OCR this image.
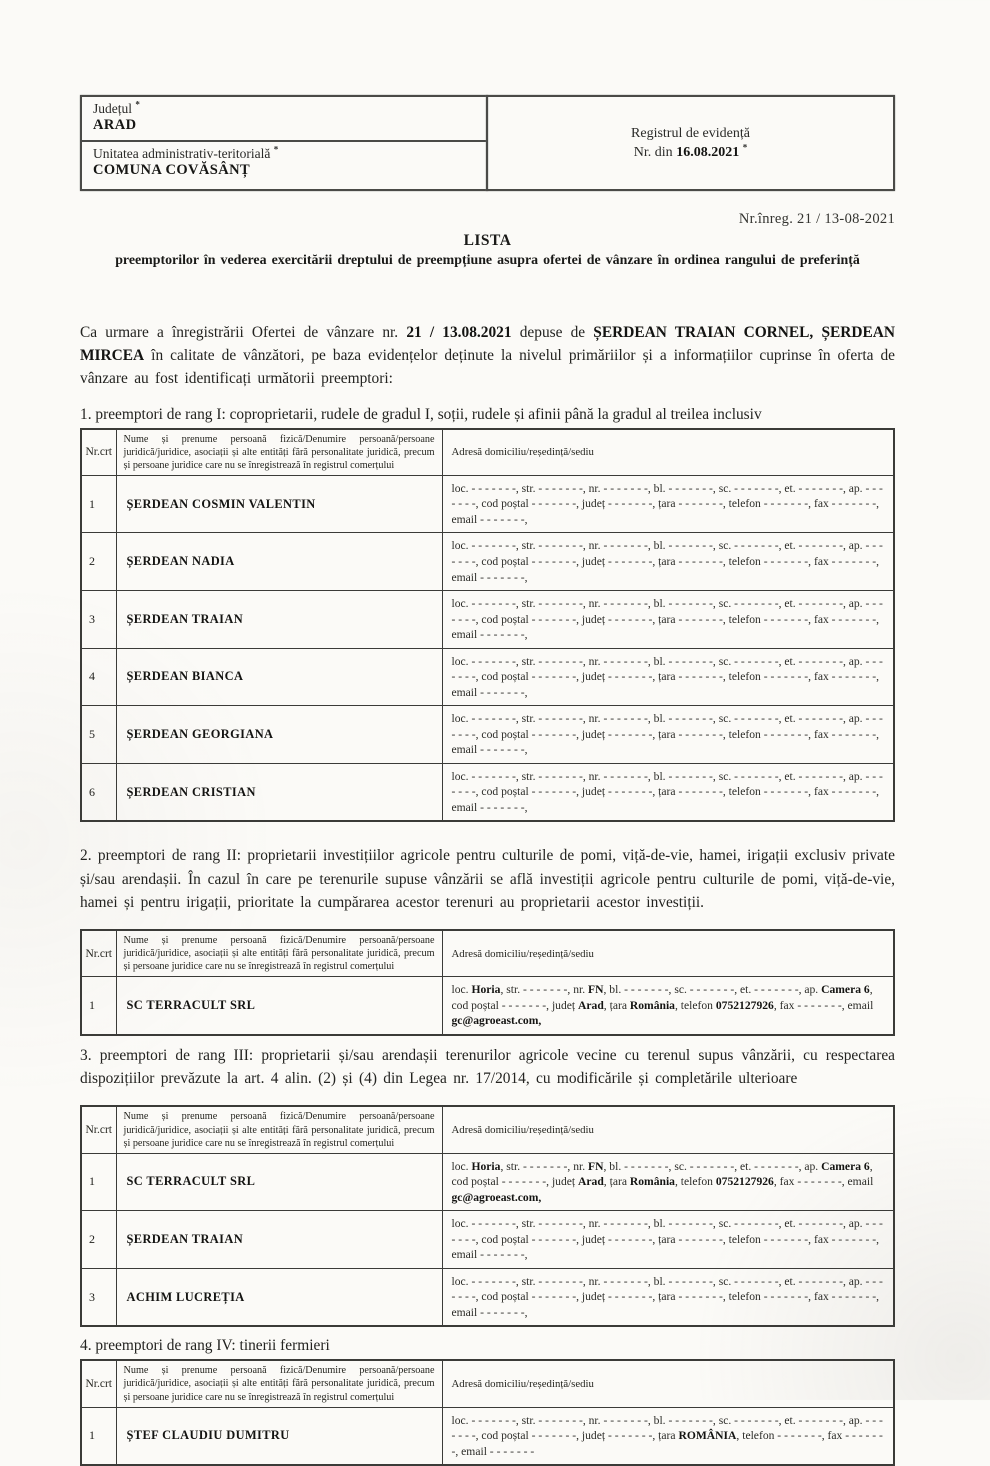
Județul *
ARAD
Unitatea administrativ-teritorială *
COMUNA COVĂSÂNȚ
Registrul de evidență
Nr. din 16.08.2021 *
Nr.înreg. 21 / 13-08-2021
LISTA
preemptorilor în vederea exercitării dreptului de preempțiune asupra ofertei de vânzare în ordinea rangului de preferință

Ca urmare a înregistrării Ofertei de vânzare nr. 21 / 13.08.2021 depuse de ȘERDEAN TRAIAN CORNEL, ȘERDEAN MIRCEA în calitate de vânzători, pe baza evidențelor deținute la nivelul primăriilor și a informațiilor cuprinse în oferta de vânzare au fost identificați următorii preemptori:

1. preemptori de rang I: coproprietarii, rudele de gradul I, soții, rudele și afinii până la gradul al treilea inclusiv
Nr.crt	Nume și prenume persoană fizică/Denumire persoană/persoane juridică/juridice, asociații și alte entități fără personalitate juridică, precum și persoane juridice care nu se înregistrează în registrul comerțului	Adresă domiciliu/reședință/sediu
1	ȘERDEAN COSMIN VALENTIN	loc. - - - - - - -, str. - - - - - - -, nr. - - - - - - -, bl. - - - - - - -, sc. - - - - - - -, et. - - - - - - -, ap. - - - - - - -, cod poștal - - - - - - -, județ - - - - - - -, țara - - - - - - -, telefon - - - - - - -, fax - - - - - - -, email - - - - - - -,
2	ȘERDEAN NADIA	loc. - - - - - - -, str. - - - - - - -, nr. - - - - - - -, bl. - - - - - - -, sc. - - - - - - -, et. - - - - - - -, ap. - - - - - - -, cod poștal - - - - - - -, județ - - - - - - -, țara - - - - - - -, telefon - - - - - - -, fax - - - - - - -, email - - - - - - -,
3	ȘERDEAN TRAIAN	loc. - - - - - - -, str. - - - - - - -, nr. - - - - - - -, bl. - - - - - - -, sc. - - - - - - -, et. - - - - - - -, ap. - - - - - - -, cod poștal - - - - - - -, județ - - - - - - -, țara - - - - - - -, telefon - - - - - - -, fax - - - - - - -, email - - - - - - -,
4	ȘERDEAN BIANCA	loc. - - - - - - -, str. - - - - - - -, nr. - - - - - - -, bl. - - - - - - -, sc. - - - - - - -, et. - - - - - - -, ap. - - - - - - -, cod poștal - - - - - - -, județ - - - - - - -, țara - - - - - - -, telefon - - - - - - -, fax - - - - - - -, email - - - - - - -,
5	ȘERDEAN GEORGIANA	loc. - - - - - - -, str. - - - - - - -, nr. - - - - - - -, bl. - - - - - - -, sc. - - - - - - -, et. - - - - - - -, ap. - - - - - - -, cod poștal - - - - - - -, județ - - - - - - -, țara - - - - - - -, telefon - - - - - - -, fax - - - - - - -, email - - - - - - -,
6	ȘERDEAN CRISTIAN	loc. - - - - - - -, str. - - - - - - -, nr. - - - - - - -, bl. - - - - - - -, sc. - - - - - - -, et. - - - - - - -, ap. - - - - - - -, cod poștal - - - - - - -, județ - - - - - - -, țara - - - - - - -, telefon - - - - - - -, fax - - - - - - -, email - - - - - - -,

2. preemptori de rang II: proprietarii investițiilor agricole pentru culturile de pomi, viță-de-vie, hamei, irigații exclusiv private și/sau arendașii. În cazul în care pe terenurile supuse vânzării se află investiții agricole pentru culturile de pomi, viță-de-vie, hamei și pentru irigații, prioritate la cumpărarea acestor terenuri au proprietarii acestor investiții.

Nr.crt	Nume și prenume persoană fizică/Denumire persoană/persoane juridică/juridice, asociații și alte entități fără personalitate juridică, precum și persoane juridice care nu se înregistrează în registrul comerțului	Adresă domiciliu/reședință/sediu
1	SC TERRACULT SRL	loc. Horia, str. - - - - - - -, nr. FN, bl. - - - - - - -, sc. - - - - - - -, et. - - - - - - -, ap. Camera 6, cod poștal - - - - - - -, județ Arad, țara România, telefon 0752127926, fax - - - - - - -, email gc@agroeast.com,

3. preemptori de rang III: proprietarii și/sau arendașii terenurilor agricole vecine cu terenul supus vânzării, cu respectarea dispozițiilor prevăzute la art. 4 alin. (2) și (4) din Legea nr. 17/2014, cu modificările și completările ulterioare

Nr.crt	Nume și prenume persoană fizică/Denumire persoană/persoane juridică/juridice, asociații și alte entități fără personalitate juridică, precum și persoane juridice care nu se înregistrează în registrul comerțului	Adresă domiciliu/reședință/sediu
1	SC TERRACULT SRL	loc. Horia, str. - - - - - - -, nr. FN, bl. - - - - - - -, sc. - - - - - - -, et. - - - - - - -, ap. Camera 6, cod poștal - - - - - - -, județ Arad, țara România, telefon 0752127926, fax - - - - - - -, email gc@agroeast.com,
2	ȘERDEAN TRAIAN	loc. - - - - - - -, str. - - - - - - -, nr. - - - - - - -, bl. - - - - - - -, sc. - - - - - - -, et. - - - - - - -, ap. - - - - - - -, cod poștal - - - - - - -, județ - - - - - - -, țara - - - - - - -, telefon - - - - - - -, fax - - - - - - -, email - - - - - - -,
3	ACHIM LUCREȚIA	loc. - - - - - - -, str. - - - - - - -, nr. - - - - - - -, bl. - - - - - - -, sc. - - - - - - -, et. - - - - - - -, ap. - - - - - - -, cod poștal - - - - - - -, județ - - - - - - -, țara - - - - - - -, telefon - - - - - - -, fax - - - - - - -, email - - - - - - -,
4. preemptori de rang IV: tinerii fermieri
Nr.crt	Nume și prenume persoană fizică/Denumire persoană/persoane juridică/juridice, asociații și alte entități fără personalitate juridică, precum și persoane juridice care nu se înregistrează în registrul comerțului	Adresă domiciliu/reședință/sediu
1	ȘTEF CLAUDIU DUMITRU	loc. - - - - - - -, str. - - - - - - -, nr. - - - - - - -, bl. - - - - - - -, sc. - - - - - - -, et. - - - - - - -, ap. - - - - - - -, cod poștal - - - - - - -, județ - - - - - - -, țara ROMÂNIA, telefon - - - - - - -, fax - - - - - - -, email - - - - - - -
